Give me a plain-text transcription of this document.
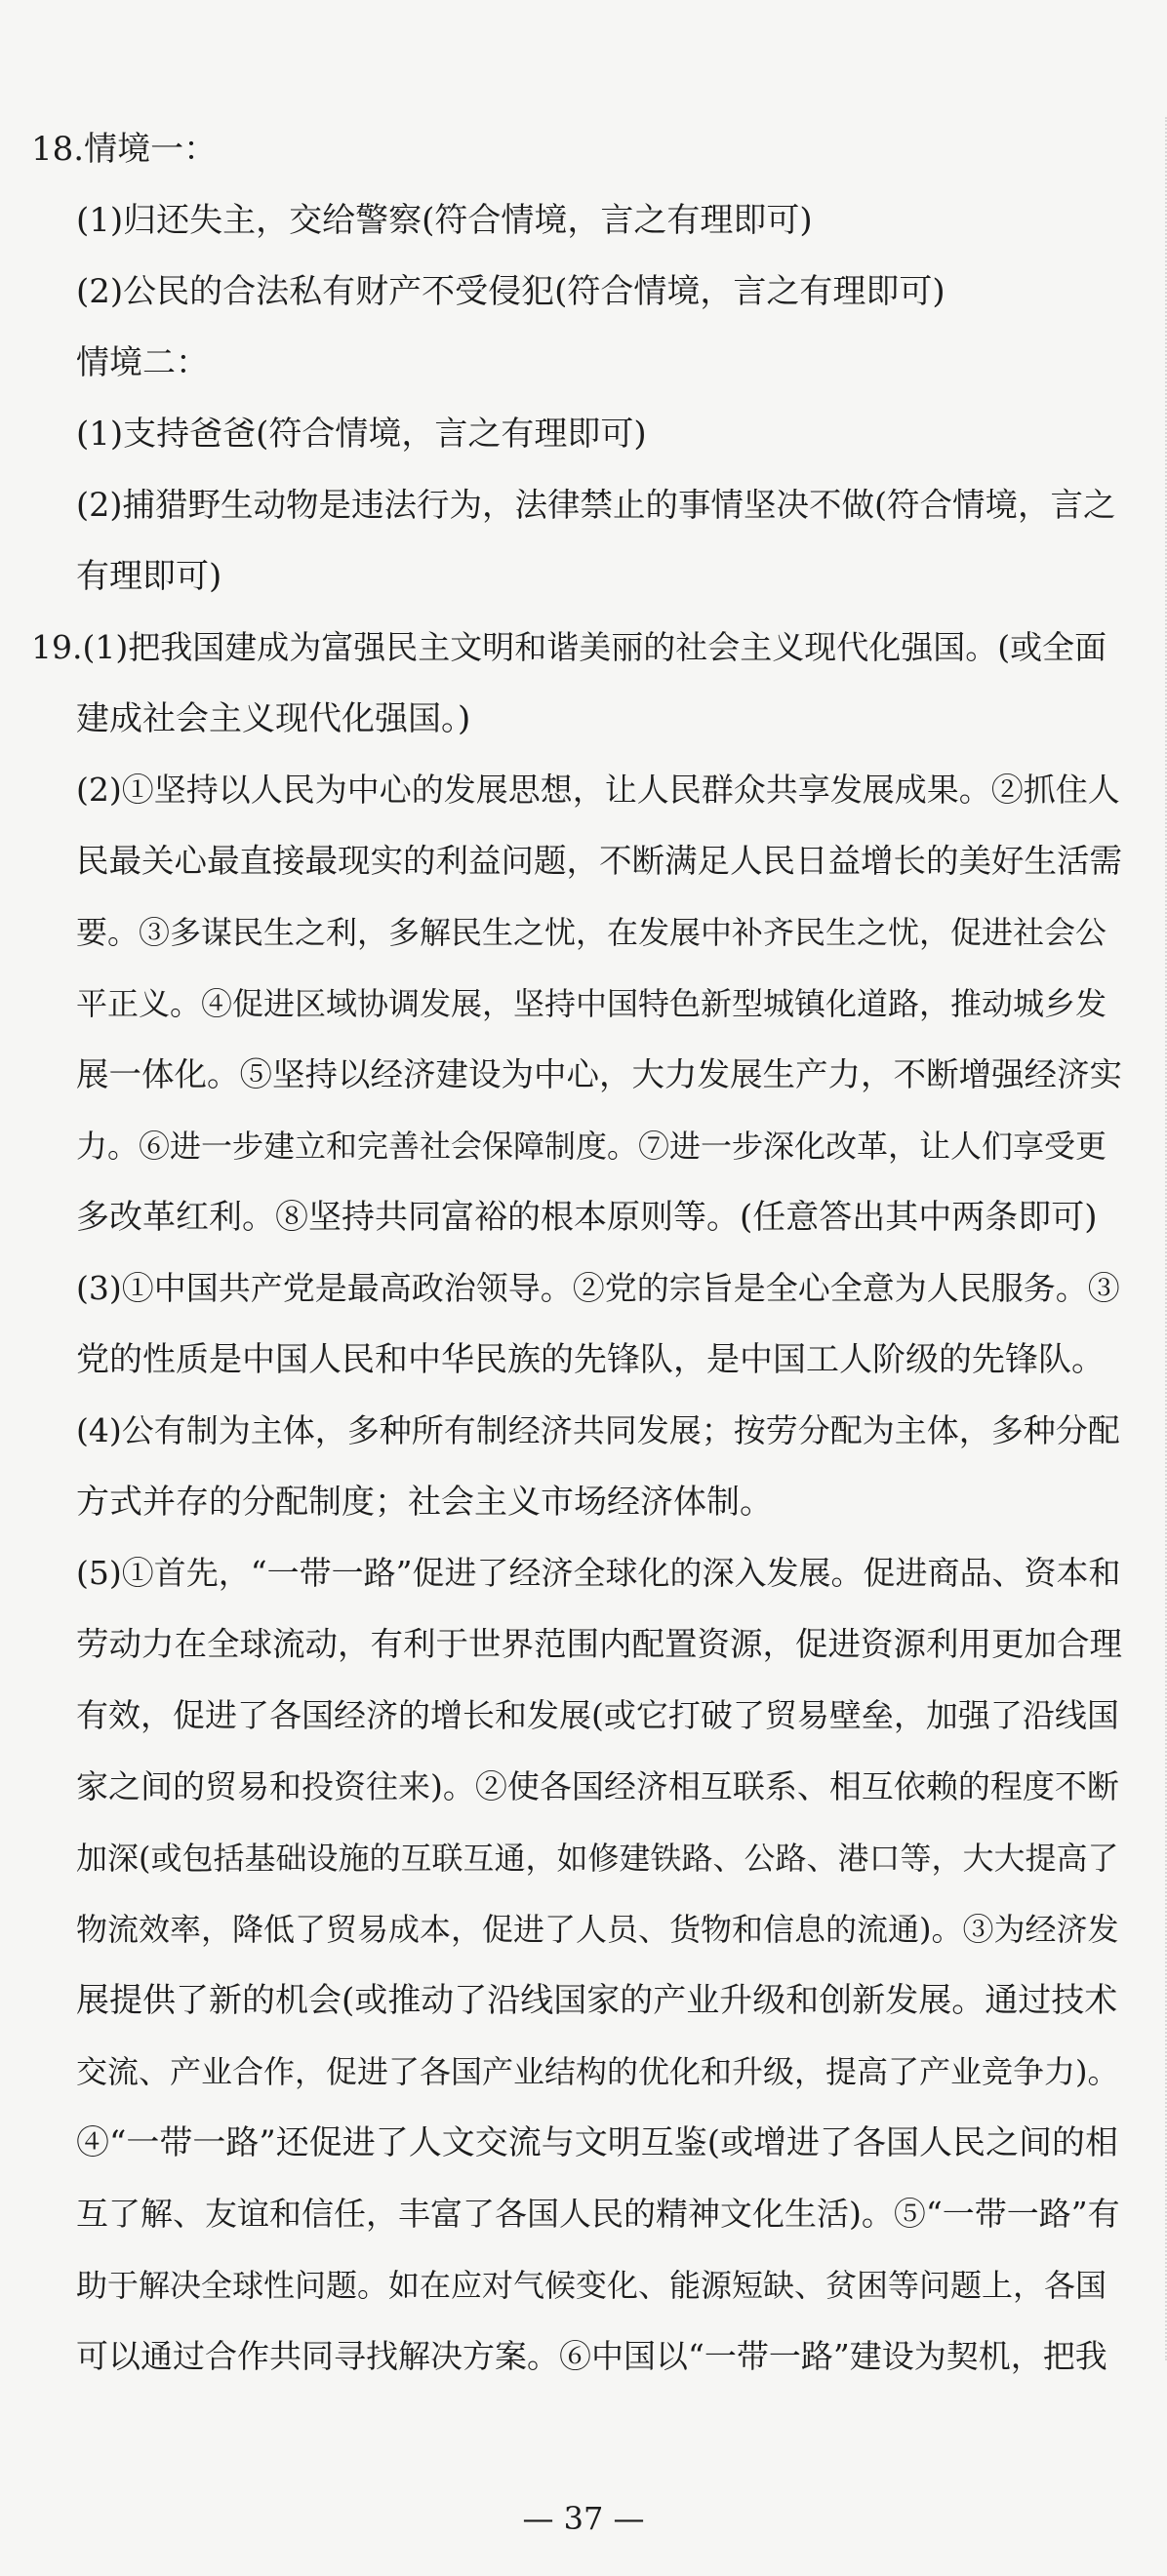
18.情境一：
(1)归还失主，交给警察(符合情境，言之有理即可)
(2)公民的合法私有财产不受侵犯(符合情境，言之有理即可)
情境二：
(1)支持爸爸(符合情境，言之有理即可)
(2)捕猎野生动物是违法行为，法律禁止的事情坚决不做(符合情境，言之
有理即可)
19.(1)把我国建成为富强民主文明和谐美丽的社会主义现代化强国。(或全面
建成社会主义现代化强国。)
(2)①坚持以人民为中心的发展思想，让人民群众共享发展成果。②抓住人
民最关心最直接最现实的利益问题，不断满足人民日益增长的美好生活需
要。③多谋民生之利，多解民生之忧，在发展中补齐民生之忧，促进社会公
平正义。④促进区域协调发展，坚持中国特色新型城镇化道路，推动城乡发
展一体化。⑤坚持以经济建设为中心，大力发展生产力，不断增强经济实
力。⑥进一步建立和完善社会保障制度。⑦进一步深化改革，让人们享受更
多改革红利。⑧坚持共同富裕的根本原则等。(任意答出其中两条即可)
(3)①中国共产党是最高政治领导。②党的宗旨是全心全意为人民服务。③
党的性质是中国人民和中华民族的先锋队，是中国工人阶级的先锋队。
(4)公有制为主体，多种所有制经济共同发展；按劳分配为主体，多种分配
方式并存的分配制度；社会主义市场经济体制。
(5)①首先，“一带一路”促进了经济全球化的深入发展。促进商品、资本和
劳动力在全球流动，有利于世界范围内配置资源，促进资源利用更加合理
有效，促进了各国经济的增长和发展(或它打破了贸易壁垒，加强了沿线国
家之间的贸易和投资往来)。②使各国经济相互联系、相互依赖的程度不断
加深(或包括基础设施的互联互通，如修建铁路、公路、港口等，大大提高了
物流效率，降低了贸易成本，促进了人员、货物和信息的流通)。③为经济发
展提供了新的机会(或推动了沿线国家的产业升级和创新发展。通过技术
交流、产业合作，促进了各国产业结构的优化和升级，提高了产业竞争力)。
④“一带一路”还促进了人文交流与文明互鉴(或增进了各国人民之间的相
互了解、友谊和信任，丰富了各国人民的精神文化生活)。⑤“一带一路”有
助于解决全球性问题。如在应对气候变化、能源短缺、贫困等问题上，各国
可以通过合作共同寻找解决方案。⑥中国以“一带一路”建设为契机，把我
— 37 —
